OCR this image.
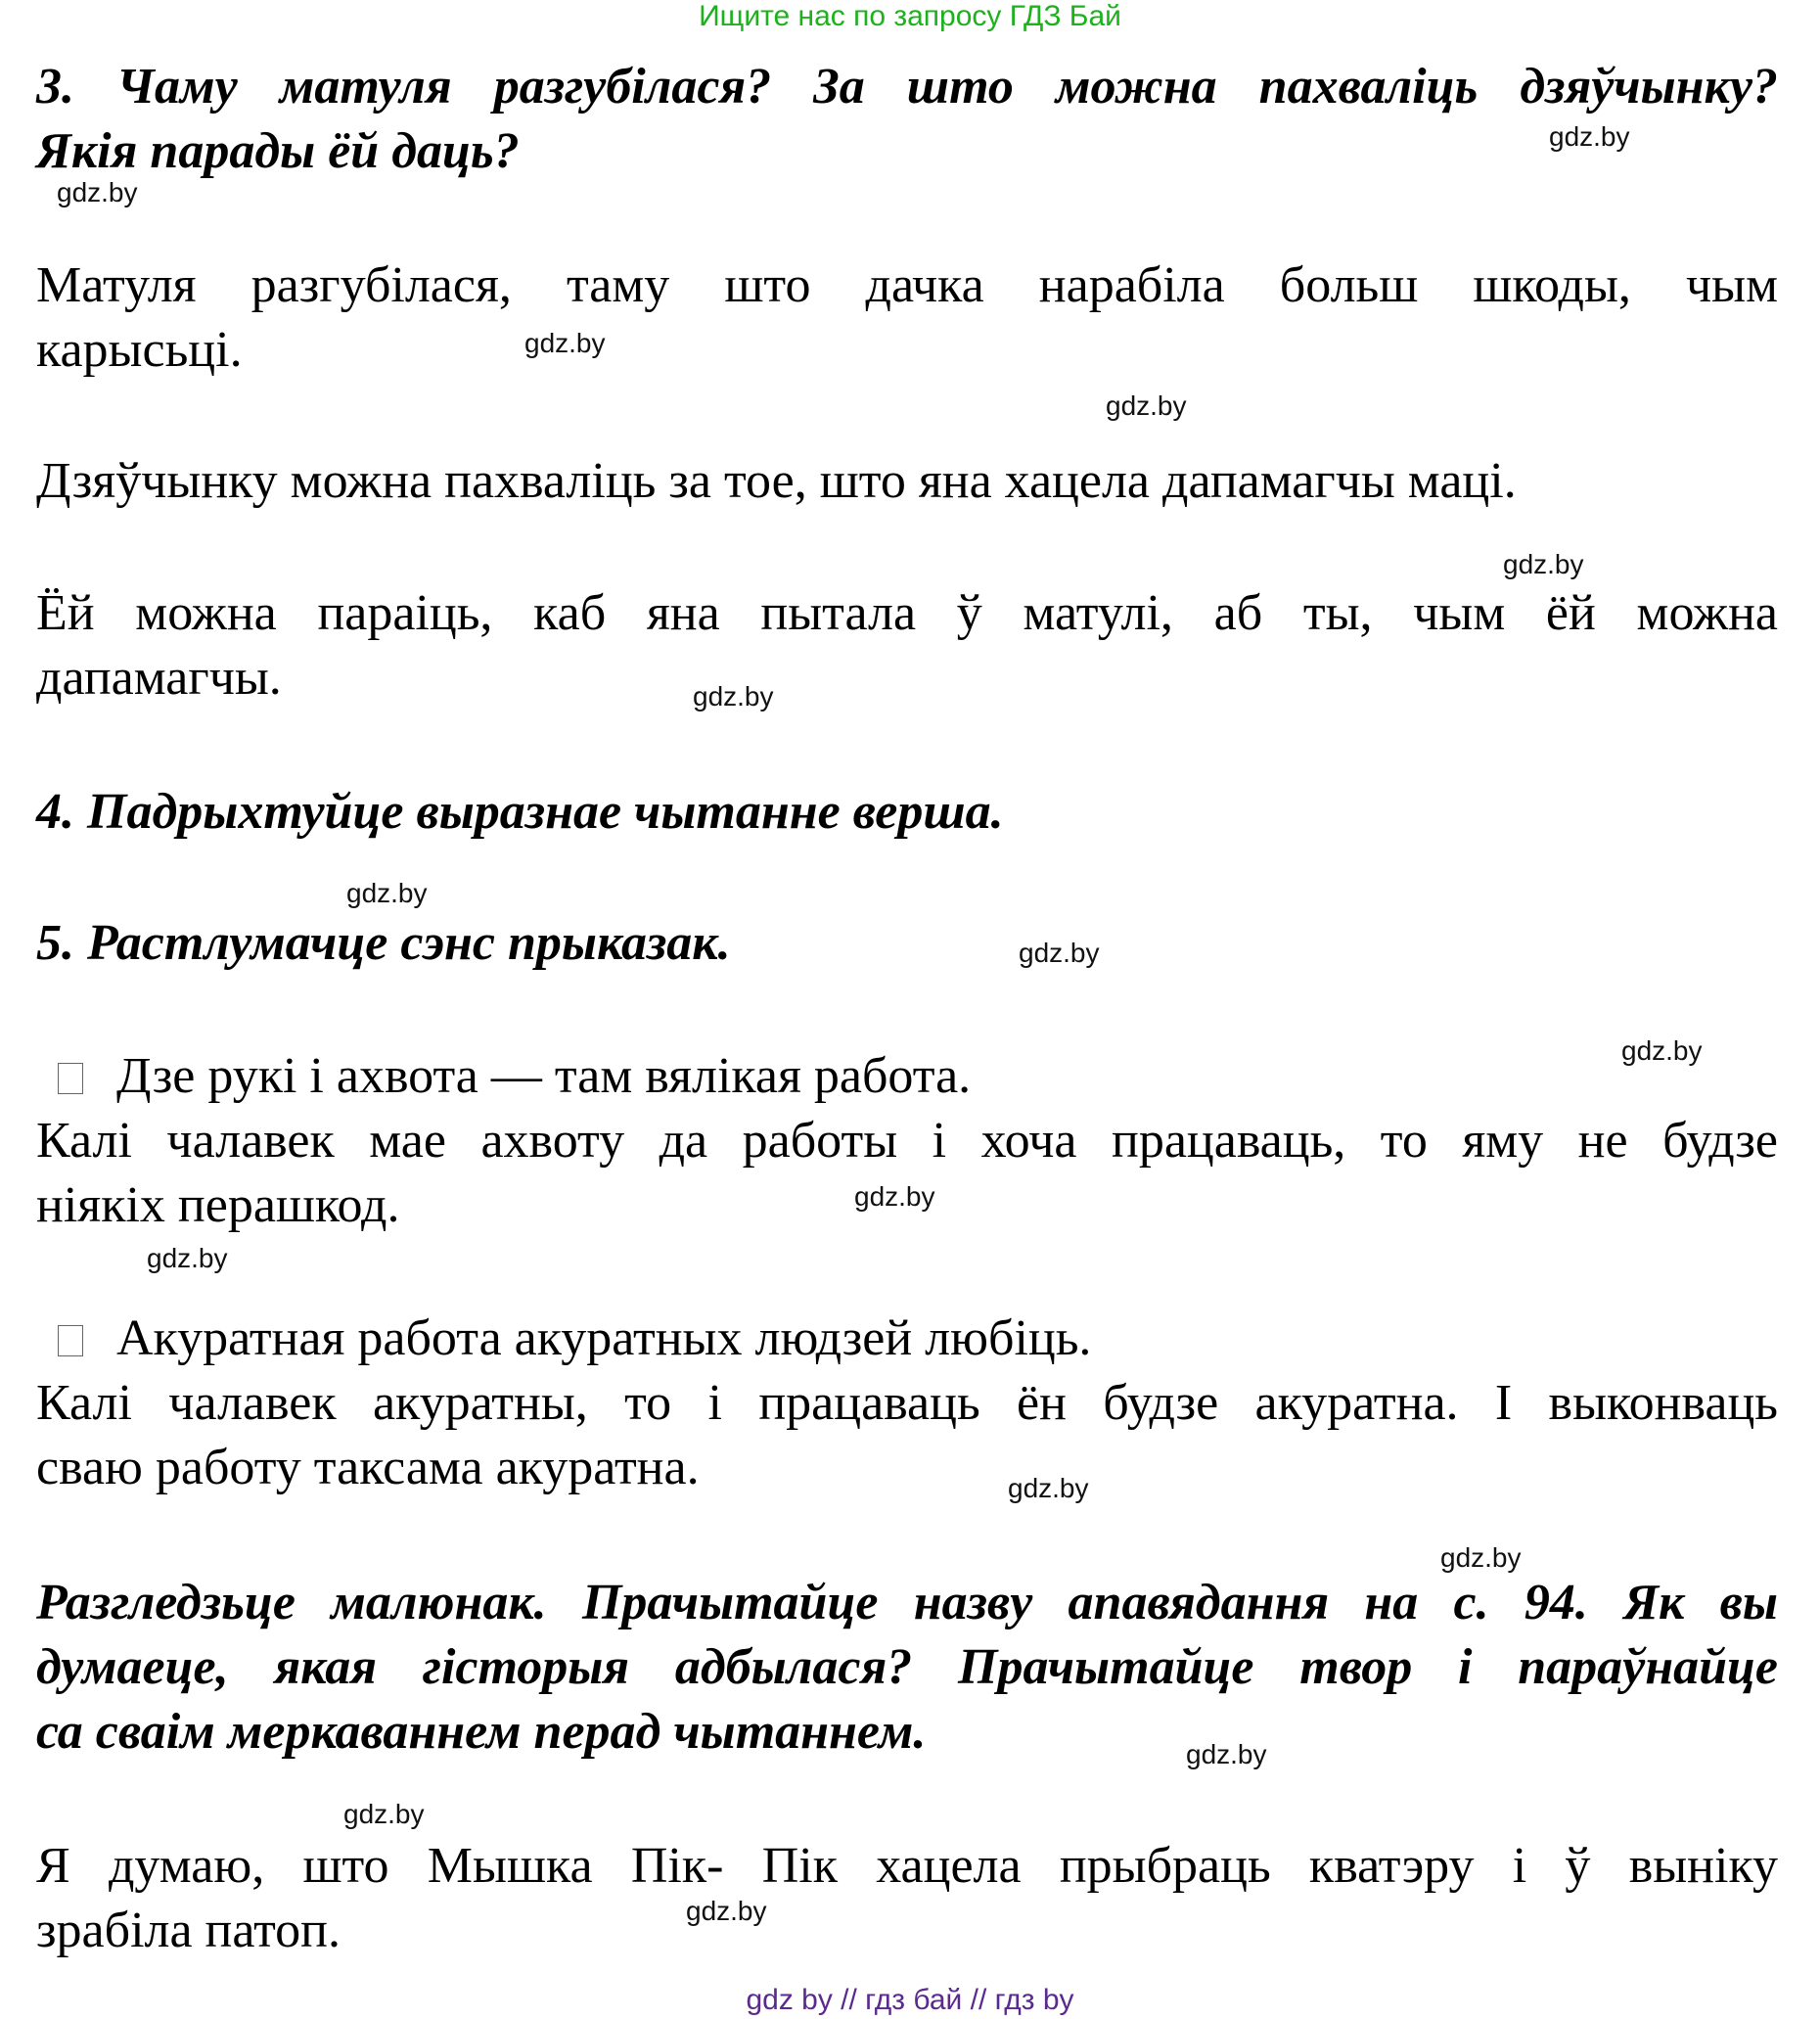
Ищите нас по запросу ГДЗ Бай
3. Чаму матуля разгубілася? За што можна пахваліць дзяўчынку?
Якія парады ёй даць?
Матуля разгубілася, таму што дачка нарабіла больш шкоды, чым
карысьці.
Дзяўчынку можна пахваліць за тое, што яна хацела дапамагчы маці.
Ёй можна параіць, каб яна пытала ў матулі, аб ты, чым ёй можна
дапамагчы.
4. Падрыхтуйце выразнае чытанне верша.
5. Растлумачце сэнс прыказак.
Дзе рукі і ахвота — там вялікая работа.
Калі чалавек мае ахвоту да работы і хоча працаваць, то яму не будзе
ніякіх перашкод.
Акуратная работа акуратных людзей любіць.
Калі чалавек акуратны, то і працаваць ён будзе акуратна. І выконваць
сваю работу таксама акуратна.
Разгледзьце малюнак. Прачытайце назву апавядання на с. 94. Як вы
думаеце, якая гісторыя адбылася? Прачытайце твор і параўнайце
са сваім меркаваннем перад чытаннем.
Я думаю, што Мышка Пік- Пік хацела прыбраць кватэру і ў выніку
зрабіла патоп.
gdz.by
gdz.by
gdz.by
gdz.by
gdz.by
gdz.by
gdz.by
gdz.by
gdz.by
gdz.by
gdz.by
gdz.by
gdz.by
gdz.by
gdz.by
gdz.by
gdz by // гдз бай // гдз by
